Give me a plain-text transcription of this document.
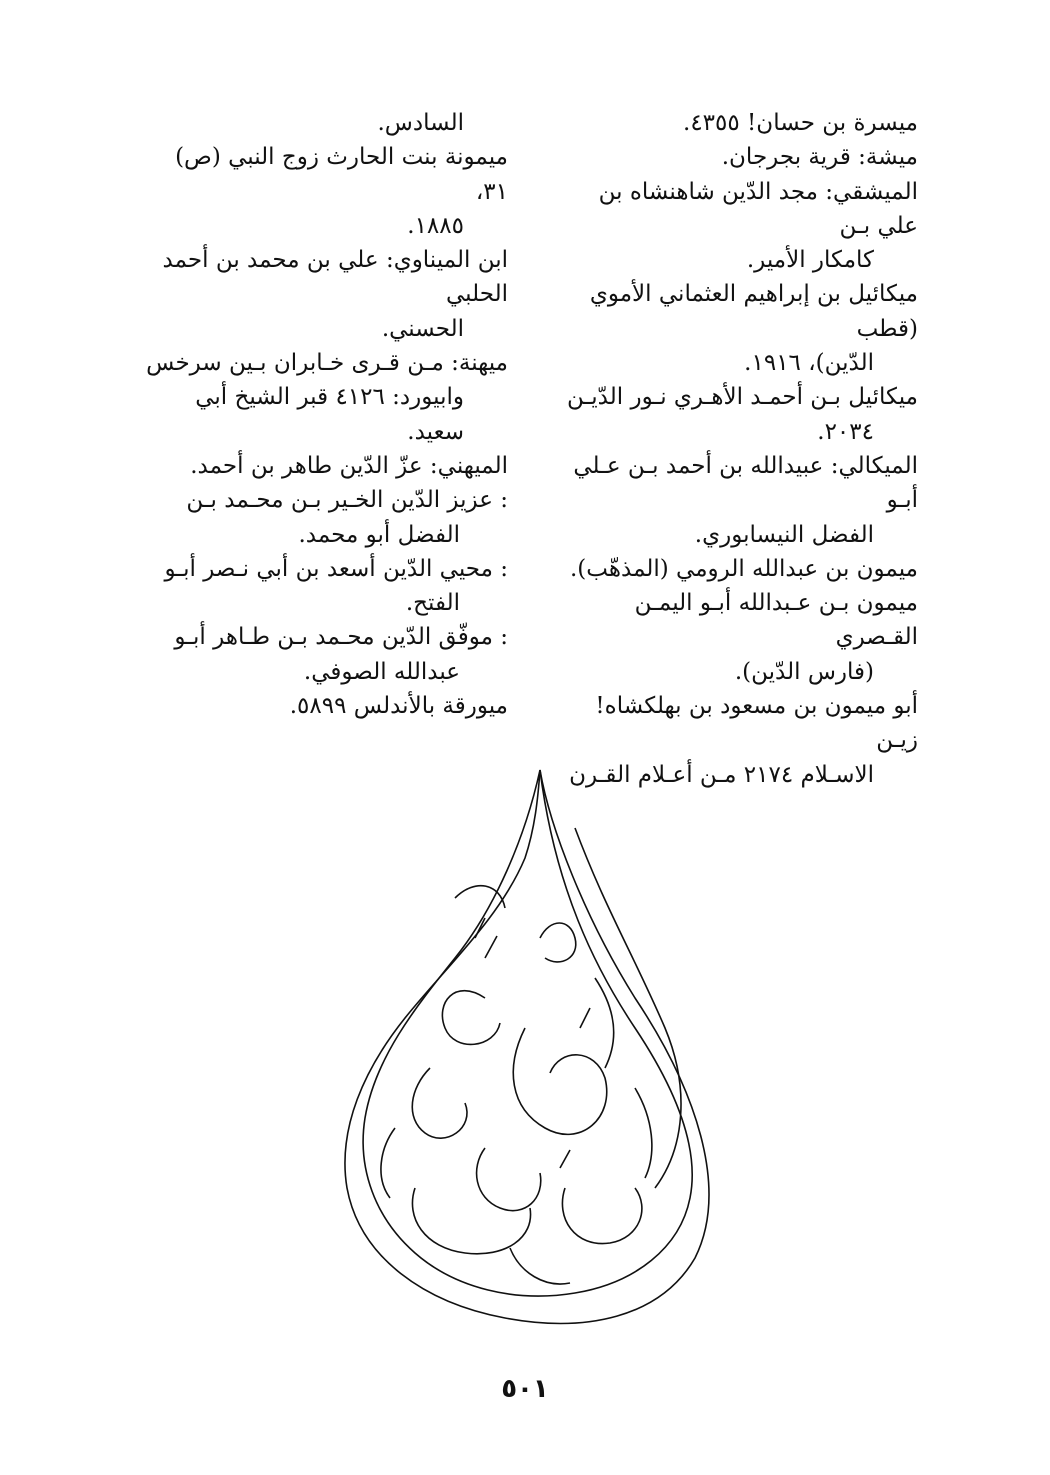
ميسرة بن حسان! ٤٣٥٥.
ميشة: قرية بجرجان.
الميشقي: مجد الدّين شاهنشاه بن علي بـن
كامكار الأمير.
ميكائيل بن إبراهيم العثماني الأموي (قطب
الدّين)، ١٩١٦.
ميكائيل بـن أحمـد الأهـري نـور الدّيـن
٢٠٣٤.
الميكالي: عبيدالله بن أحمد بـن عـلي أبـو
الفضل النيسابوري.
ميمون بن عبدالله الرومي (المذهّب).
ميمون بـن عـبدالله أبـو اليمـن القـصري
(فارس الدّين).
أبو ميمون بن مسعود بن بهلكشاه! زيـن
الاسـلام ٢١٧٤ مـن أعـلام القـرن
السادس.
ميمونة بنت الحارث زوج النبي (ص) ٣١،
١٨٨٥.
ابن الميناوي: علي بن محمد بن أحمد الحلبي
الحسني.
ميهنة: مـن قـرى خـابران بـين سرخس
وابيورد: ٤١٢٦ قبر الشيخ أبي سعيد.
الميهني: عزّ الدّين طاهر بن أحمد.
: عزيز الدّين الخـير بـن محـمد بـن
الفضل أبو محمد.
: محيي الدّين أسعد بن أبي نـصر أبـو
الفتح.
: موفّق الدّين محـمد بـن طـاهر أبـو
عبدالله الصوفي.
ميورقة بالأندلس ٥٨٩٩.
٥٠١
